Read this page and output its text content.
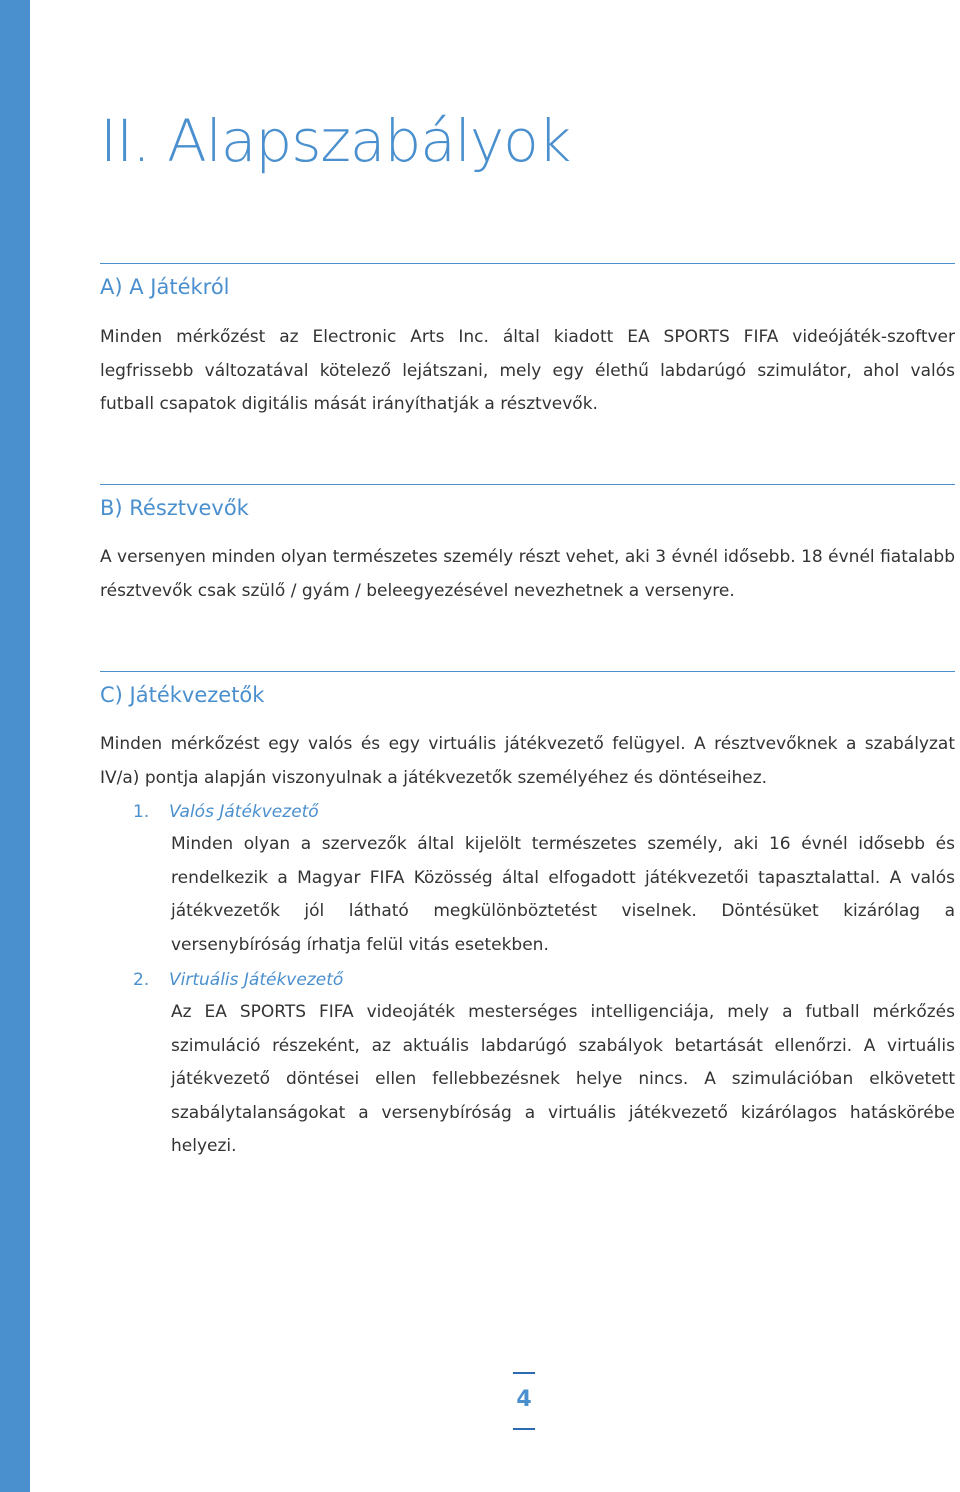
II. Alapszabályok
A) A Játékról

Minden mérkőzést az Electronic Arts Inc. által kiadott EA SPORTS FIFA videójáték-szoftver legfrissebb változatával kötelező lejátszani, mely egy élethű labdarúgó szimulátor, ahol valós futball csapatok digitális mását irányíthatják a résztvevők.

B) Résztvevők

A versenyen minden olyan természetes személy részt vehet, aki 3 évnél idősebb. 18 évnél fiatalabb résztvevők csak szülő / gyám / beleegyezésével nevezhetnek a versenyre.

C) Játékvezetők

Minden mérkőzést egy valós és egy virtuális játékvezető felügyel. A résztvevőknek a szabályzat IV/a) pontja alapján viszonyulnak a játékvezetők személyéhez és döntéseihez.

1. Valós Játékvezető

Minden olyan a szervezők által kijelölt természetes személy, aki 16 évnél idősebb és rendelkezik a Magyar FIFA Közösség által elfogadott játékvezetői tapasztalattal. A valós játékvezetők jól látható megkülönböztetést viselnek. Döntésüket kizárólag a versenybíróság írhatja felül vitás esetekben.

2. Virtuális Játékvezető

Az EA SPORTS FIFA videojáték mesterséges intelligenciája, mely a futball mérkőzés szimuláció részeként, az aktuális labdarúgó szabályok betartását ellenőrzi. A virtuális játékvezető döntései ellen fellebbezésnek helye nincs. A szimulációban elkövetett szabálytalanságokat a versenybíróság a virtuális játékvezető kizárólagos hatáskörébe helyezi.

4
